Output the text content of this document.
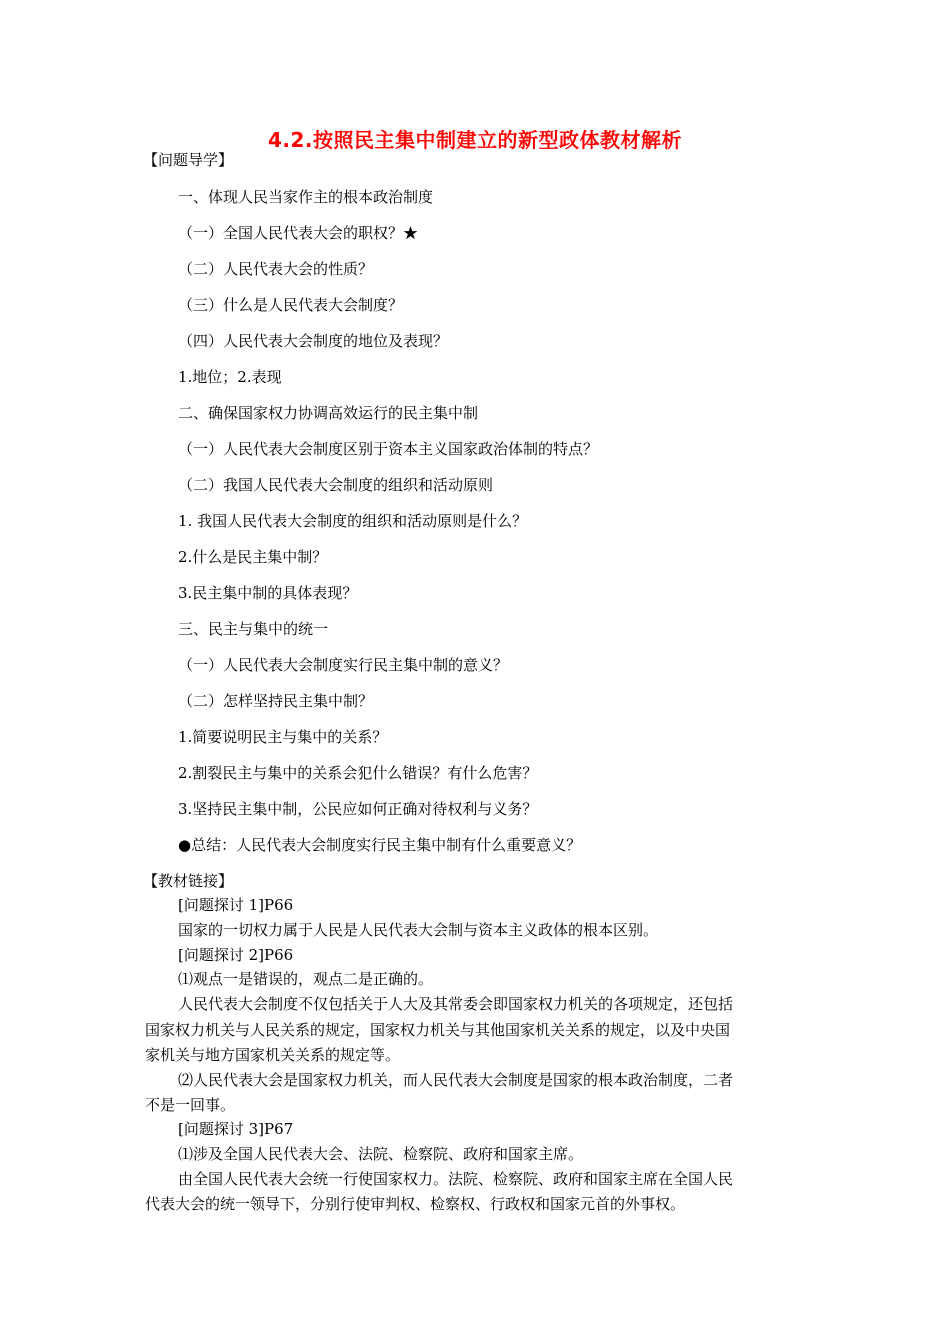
4.2.按照民主集中制建立的新型政体教材解析
【问题导学】
一、体现人民当家作主的根本政治制度
（一）全国人民代表大会的职权？★
（二）人民代表大会的性质？
（三）什么是人民代表大会制度？
（四）人民代表大会制度的地位及表现？
1.地位；2.表现
二、确保国家权力协调高效运行的民主集中制
（一）人民代表大会制度区别于资本主义国家政治体制的特点？
（二）我国人民代表大会制度的组织和活动原则
1. 我国人民代表大会制度的组织和活动原则是什么？
2.什么是民主集中制？
3.民主集中制的具体表现？
三、民主与集中的统一
（一）人民代表大会制度实行民主集中制的意义？
（二）怎样坚持民主集中制？
1.简要说明民主与集中的关系？
2.割裂民主与集中的关系会犯什么错误？有什么危害？
3.坚持民主集中制，公民应如何正确对待权利与义务？
●总结：人民代表大会制度实行民主集中制有什么重要意义？
【教材链接】
[问题探讨 1]P66
国家的一切权力属于人民是人民代表大会制与资本主义政体的根本区别。
[问题探讨 2]P66
⑴观点一是错误的，观点二是正确的。
人民代表大会制度不仅包括关于人大及其常委会即国家权力机关的各项规定，还包括
国家权力机关与人民关系的规定，国家权力机关与其他国家机关关系的规定，以及中央国
家机关与地方国家机关关系的规定等。
⑵人民代表大会是国家权力机关，而人民代表大会制度是国家的根本政治制度，二者
不是一回事。
[问题探讨 3]P67
⑴涉及全国人民代表大会、法院、检察院、政府和国家主席。
由全国人民代表大会统一行使国家权力。法院、检察院、政府和国家主席在全国人民
代表大会的统一领导下，分别行使审判权、检察权、行政权和国家元首的外事权。
